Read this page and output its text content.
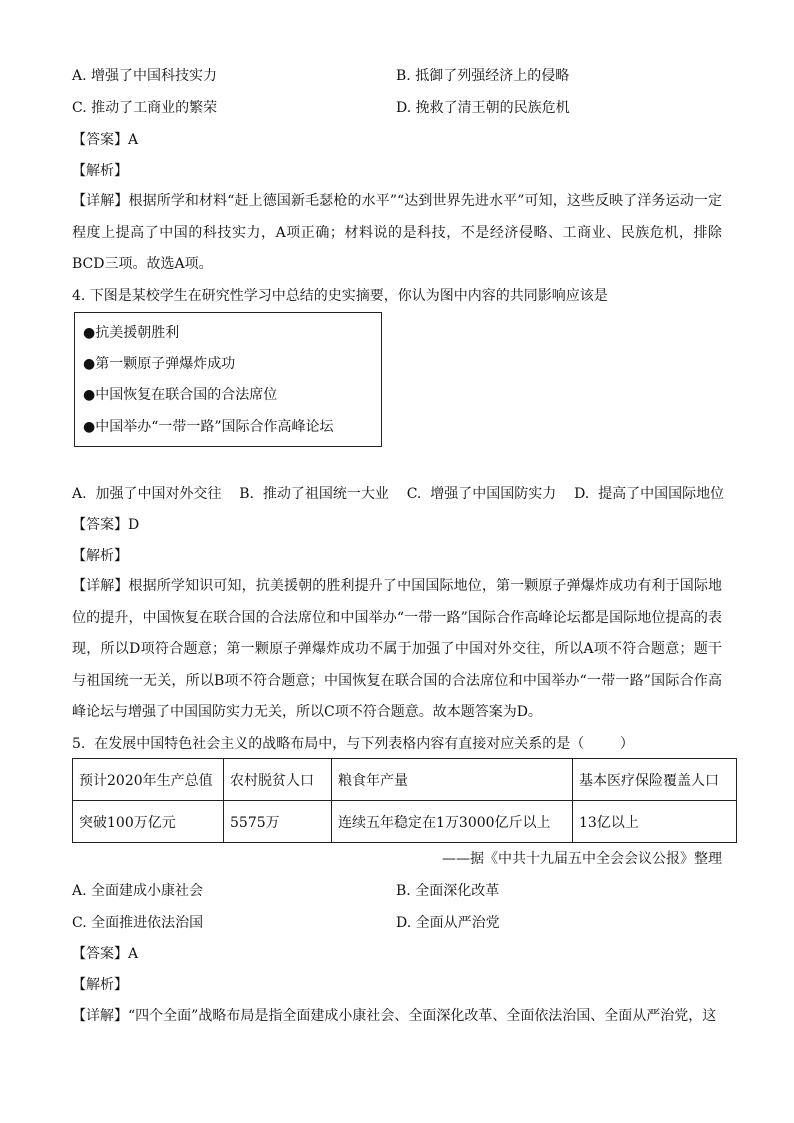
A. 增强了中国科技实力	B. 抵御了列强经济上的侵略
C. 推动了工商业的繁荣	D. 挽救了清王朝的民族危机
【答案】A
【解析】
【详解】根据所学和材料“赶上德国新毛瑟枪的水平”“达到世界先进水平”可知，这些反映了洋务运动一定程度上提高了中国的科技实力，A项正确；材料说的是科技，不是经济侵略、工商业、民族危机，排除BCD三项。故选A项。
4. 下图是某校学生在研究性学习中总结的史实摘要，你认为图中内容的共同影响应该是
●抗美援朝胜利
●第一颗原子弹爆炸成功
●中国恢复在联合国的合法席位
●中国举办“一带一路”国际合作高峰论坛
A.  加强了中国对外交往    B.  推动了祖国统一大业    C.  增强了中国国防实力    D.  提高了中国国际地位
【答案】D
【解析】
【详解】根据所学知识可知，抗美援朝的胜利提升了中国国际地位，第一颗原子弹爆炸成功有利于国际地位的提升，中国恢复在联合国的合法席位和中国举办“一带一路”国际合作高峰论坛都是国际地位提高的表现，所以D项符合题意；第一颗原子弹爆炸成功不属于加强了中国对外交往，所以A项不符合题意；题干与祖国统一无关，所以B项不符合题意；中国恢复在联合国的合法席位和中国举办“一带一路”国际合作高峰论坛与增强了中国国防实力无关，所以C项不符合题意。故本题答案为D。
5.  在发展中国特色社会主义的战略布局中，与下列表格内容有直接对应关系的是（        ）
预计2020年生产总值	农村脱贫人口	粮食年产量	基本医疗保险覆盖人口
突破100万亿元	5575万	连续五年稳定在1万3000亿斤以上	13亿以上
——据《中共十九届五中全会会议公报》整理
A. 全面建成小康社会	B. 全面深化改革
C. 全面推进依法治国	D. 全面从严治党
【答案】A
【解析】
【详解】“四个全面”战略布局是指全面建成小康社会、全面深化改革、全面依法治国、全面从严治党，这
